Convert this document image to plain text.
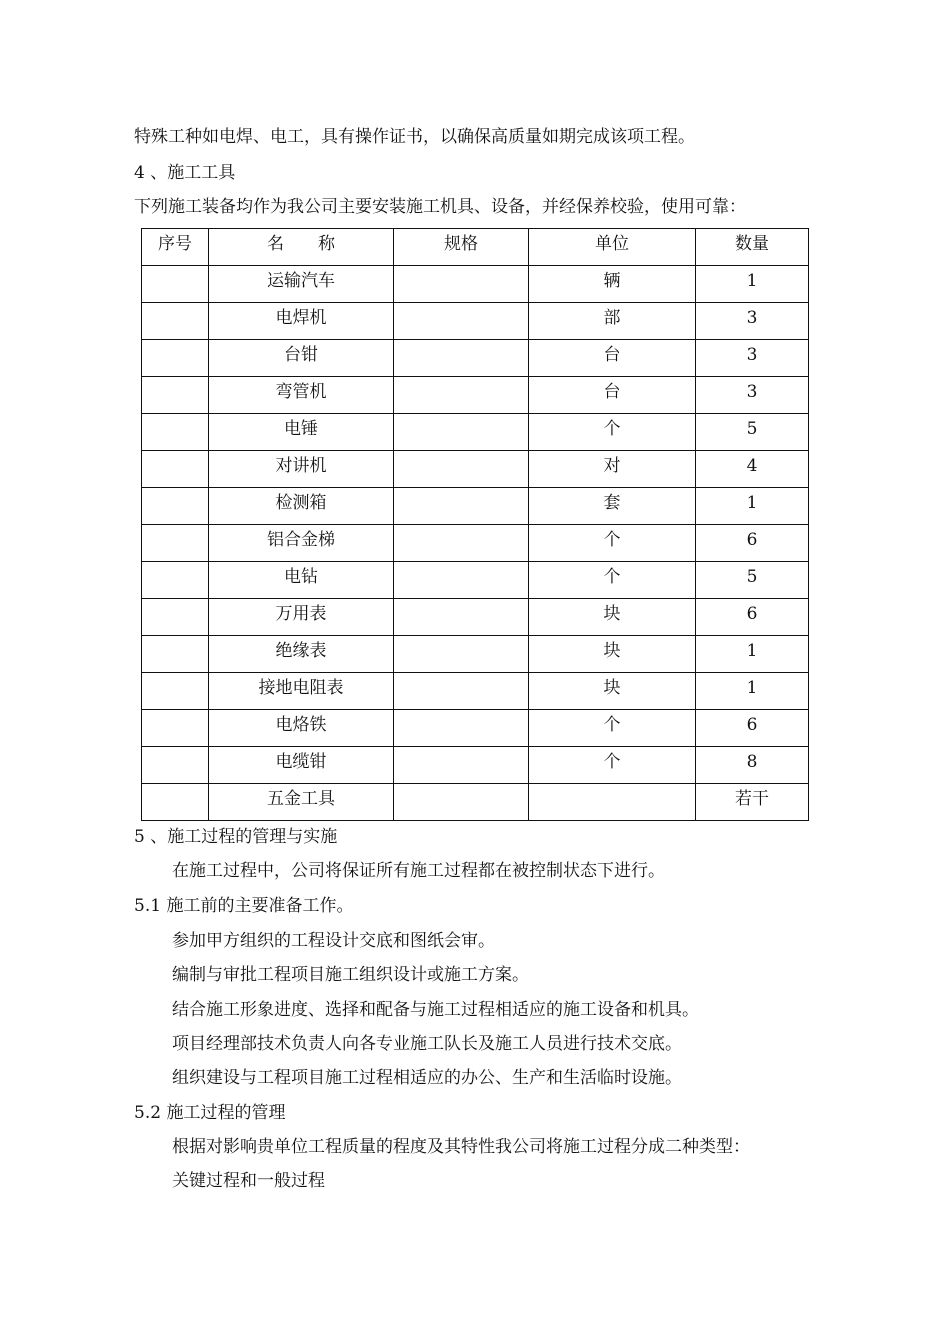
特殊工种如电焊、电工，具有操作证书，以确保高质量如期完成该项工程。
4 、施工工具
下列施工装备均作为我公司主要安装施工机具、设备，并经保养校验，使用可靠：
序号	名　　称	规格	单位	数量
	运输汽车		辆	1
	电焊机		部	3
	台钳		台	3
	弯管机		台	3
	电锤		个	5
	对讲机		对	4
	检测箱		套	1
	铝合金梯		个	6
	电钻		个	5
	万用表		块	6
	绝缘表		块	1
	接地电阻表		块	1
	电烙铁		个	6
	电缆钳		个	8
	五金工具			若干
5 、施工过程的管理与实施
在施工过程中，公司将保证所有施工过程都在被控制状态下进行。
5.1 施工前的主要准备工作。
参加甲方组织的工程设计交底和图纸会审。
编制与审批工程项目施工组织设计或施工方案。
结合施工形象进度、选择和配备与施工过程相适应的施工设备和机具。
项目经理部技术负责人向各专业施工队长及施工人员进行技术交底。
组织建设与工程项目施工过程相适应的办公、生产和生活临时设施。
5.2 施工过程的管理
根据对影响贵单位工程质量的程度及其特性我公司将施工过程分成二种类型：
关键过程和一般过程
